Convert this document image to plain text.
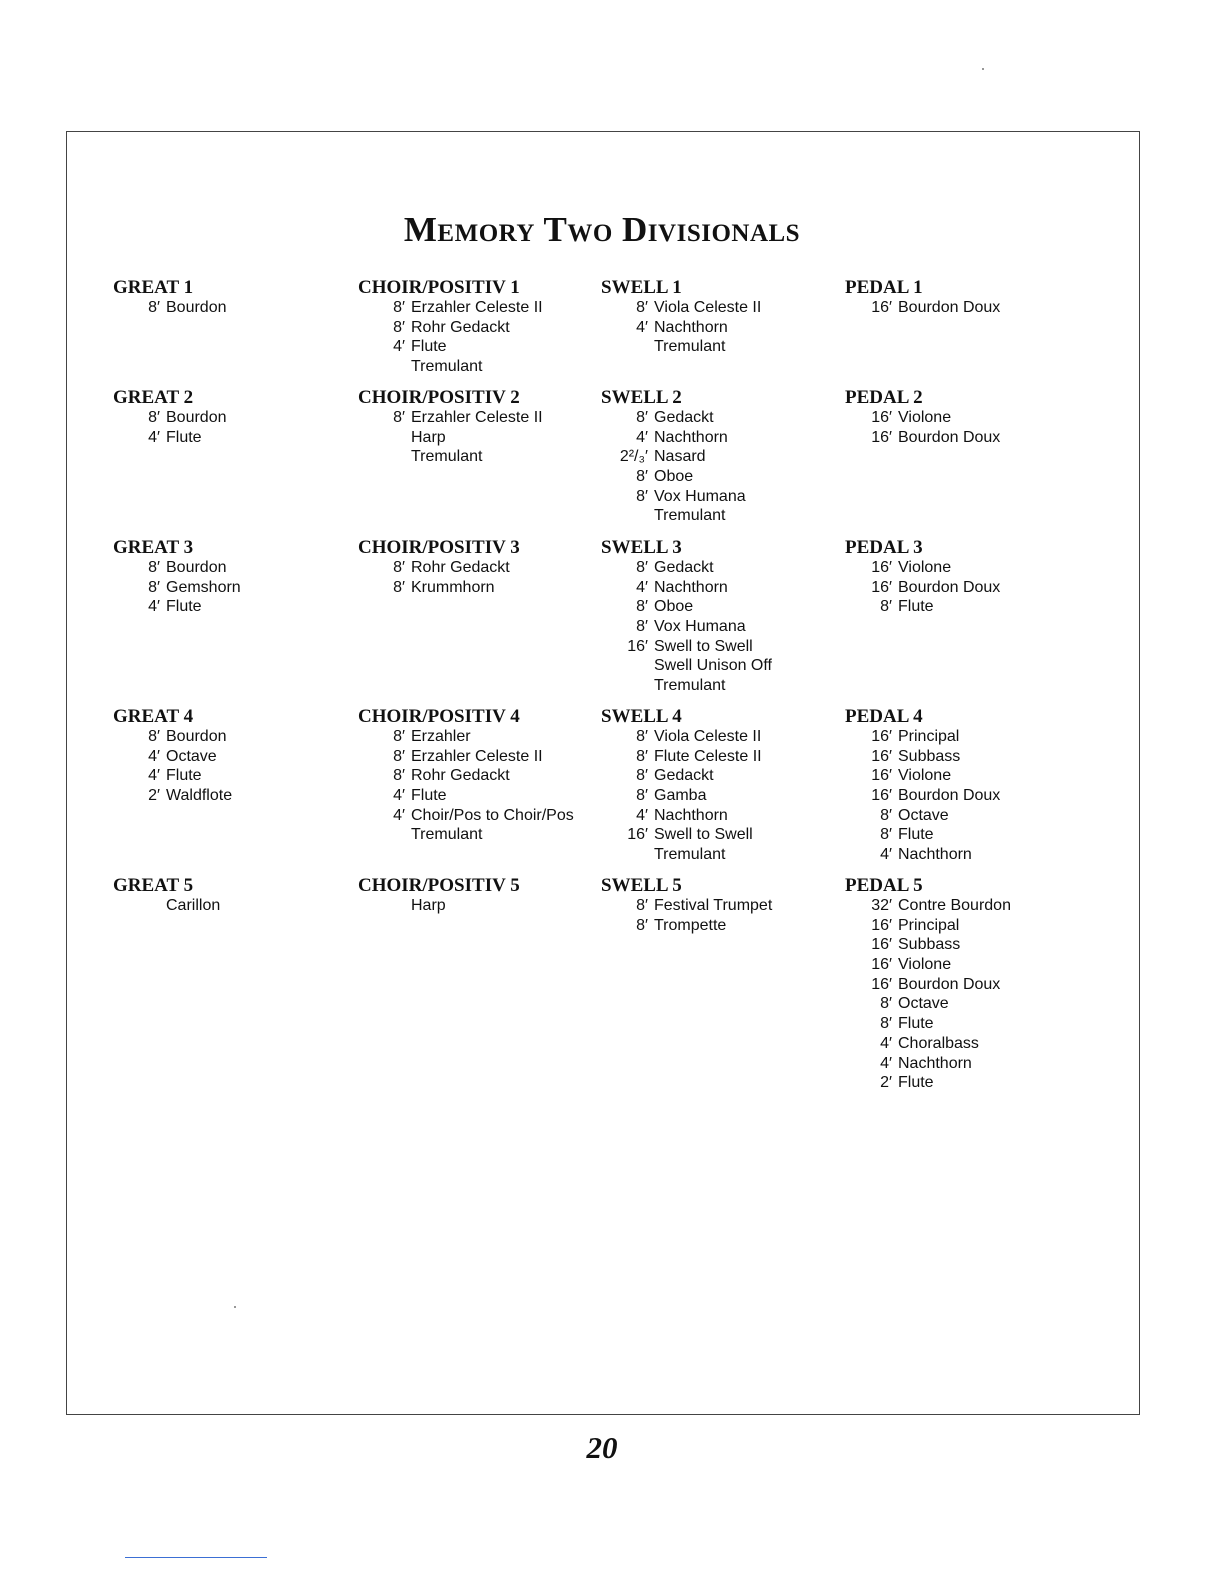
Memory Two Divisionals
GREAT 1
8′ Bourdon
GREAT 2
8′ Bourdon
4′ Flute
GREAT 3
8′ Bourdon
8′ Gemshorn
4′ Flute
GREAT 4
8′ Bourdon
4′ Octave
4′ Flute
2′ Waldflote
GREAT 5
Carillon
CHOIR/POSITIV 1
8′ Erzahler Celeste II
8′ Rohr Gedackt
4′ Flute
Tremulant
CHOIR/POSITIV 2
8′ Erzahler Celeste II
Harp
Tremulant
CHOIR/POSITIV 3
8′ Rohr Gedackt
8′ Krummhorn
CHOIR/POSITIV 4
8′ Erzahler
8′ Erzahler Celeste II
8′ Rohr Gedackt
4′ Flute
4′ Choir/Pos to Choir/Pos
Tremulant
CHOIR/POSITIV 5
Harp
SWELL 1
8′ Viola Celeste II
4′ Nachthorn
Tremulant
SWELL 2
8′ Gedackt
4′ Nachthorn
2²/₃′ Nasard
8′ Oboe
8′ Vox Humana
Tremulant
SWELL 3
8′ Gedackt
4′ Nachthorn
8′ Oboe
8′ Vox Humana
16′ Swell to Swell
Swell Unison Off
Tremulant
SWELL 4
8′ Viola Celeste II
8′ Flute Celeste II
8′ Gedackt
8′ Gamba
4′ Nachthorn
16′ Swell to Swell
Tremulant
SWELL 5
8′ Festival Trumpet
8′ Trompette
PEDAL 1
16′ Bourdon Doux
PEDAL 2
16′ Violone
16′ Bourdon Doux
PEDAL 3
16′ Violone
16′ Bourdon Doux
8′ Flute
PEDAL 4
16′ Principal
16′ Subbass
16′ Violone
16′ Bourdon Doux
8′ Octave
8′ Flute
4′ Nachthorn
PEDAL 5
32′ Contre Bourdon
16′ Principal
16′ Subbass
16′ Violone
16′ Bourdon Doux
8′ Octave
8′ Flute
4′ Choralbass
4′ Nachthorn
2′ Flute
20
